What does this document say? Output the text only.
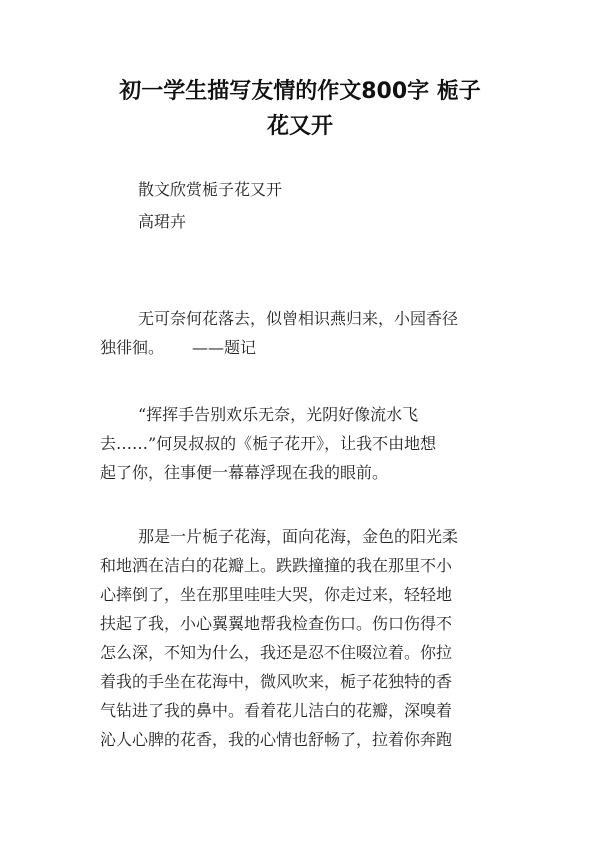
初一学生描写友情的作文800字 栀子
花又开
散文欣赏栀子花又开
高珺卉

无可奈何花落去，似曾相识燕归来，小园香径
独徘徊。 ——题记

“挥挥手告别欢乐无奈，光阴好像流水飞
去……”何炅叔叔的《栀子花开》，让我不由地想
起了你，往事便一幕幕浮现在我的眼前。

那是一片栀子花海，面向花海，金色的阳光柔
和地洒在洁白的花瓣上。跌跌撞撞的我在那里不小
心摔倒了，坐在那里哇哇大哭，你走过来，轻轻地
扶起了我，小心翼翼地帮我检查伤口。伤口伤得不
怎么深，不知为什么，我还是忍不住啜泣着。你拉
着我的手坐在花海中，微风吹来，栀子花独特的香
气钻进了我的鼻中。看着花儿洁白的花瓣，深嗅着
沁人心脾的花香，我的心情也舒畅了，拉着你奔跑
